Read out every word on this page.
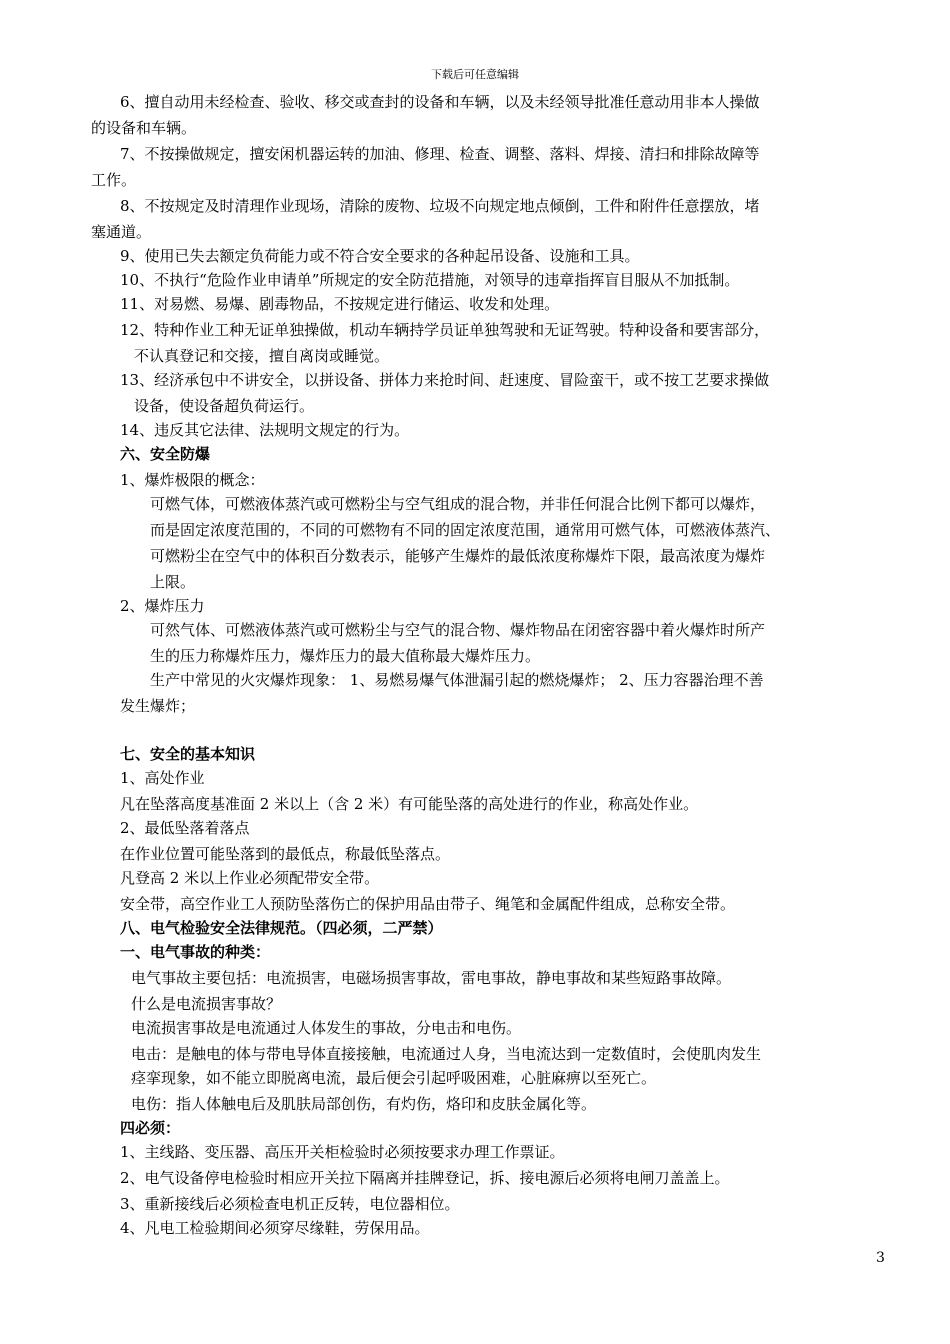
下载后可任意编辑
6、擅自动用未经检查、验收、移交或查封的设备和车辆，以及未经领导批准任意动用非本人操做
的设备和车辆。
7、不按操做规定，擅安闲机器运转的加油、修理、检查、调整、落料、焊接、清扫和排除故障等
工作。
8、不按规定及时清理作业现场，清除的废物、垃圾不向规定地点倾倒，工件和附件任意摆放，堵
塞通道。
9、使用已失去额定负荷能力或不符合安全要求的各种起吊设备、设施和工具。
10、不执行“危险作业申请单”所规定的安全防范措施，对领导的违章指挥盲目服从不加抵制。
11、对易燃、易爆、剧毒物品，不按规定进行储运、收发和处理。
12、特种作业工种无证单独操做，机动车辆持学员证单独驾驶和无证驾驶。特种设备和要害部分，
不认真登记和交接，擅自离岗或睡觉。
13、经济承包中不讲安全，以拼设备、拼体力来抢时间、赶速度、冒险蛮干，或不按工艺要求操做
设备，使设备超负荷运行。
14、违反其它法律、法规明文规定的行为。
六、安全防爆
1、爆炸极限的概念：
可燃气体，可燃液体蒸汽或可燃粉尘与空气组成的混合物，并非任何混合比例下都可以爆炸，
而是固定浓度范围的，不同的可燃物有不同的固定浓度范围，通常用可燃气体，可燃液体蒸汽、
可燃粉尘在空气中的体积百分数表示，能够产生爆炸的最低浓度称爆炸下限，最高浓度为爆炸
上限。
2、爆炸压力
可然气体、可燃液体蒸汽或可燃粉尘与空气的混合物、爆炸物品在闭密容器中着火爆炸时所产
生的压力称爆炸压力，爆炸压力的最大值称最大爆炸压力。
生产中常见的火灾爆炸现象： 1、易燃易爆气体泄漏引起的燃烧爆炸； 2、压力容器治理不善
发生爆炸；
七、安全的基本知识
1、高处作业
凡在坠落高度基准面 2 米以上（含 2 米）有可能坠落的高处进行的作业，称高处作业。
2、最低坠落着落点
在作业位置可能坠落到的最低点，称最低坠落点。
凡登高 2 米以上作业必须配带安全带。
安全带，高空作业工人预防坠落伤亡的保护用品由带子、绳笔和金属配件组成，总称安全带。
八、电气检验安全法律规范。（四必须，二严禁）
一、电气事故的种类：
电气事故主要包括：电流损害，电磁场损害事故，雷电事故，静电事故和某些短路事故障。
什么是电流损害事故？
电流损害事故是电流通过人体发生的事故，分电击和电伤。
电击：是触电的体与带电导体直接接触，电流通过人身，当电流达到一定数值时，会使肌肉发生
痉挛现象，如不能立即脱离电流，最后便会引起呼吸困难，心脏麻痹以至死亡。
电伤：指人体触电后及肌肤局部创伤，有灼伤，烙印和皮肤金属化等。
四必须：
1、主线路、变压器、高压开关柜检验时必须按要求办理工作票证。
2、电气设备停电检验时相应开关拉下隔离并挂牌登记，拆、接电源后必须将电闸刀盖盖上。
3、重新接线后必须检查电机正反转，电位器相位。
4、凡电工检验期间必须穿尽缘鞋，劳保用品。
3
